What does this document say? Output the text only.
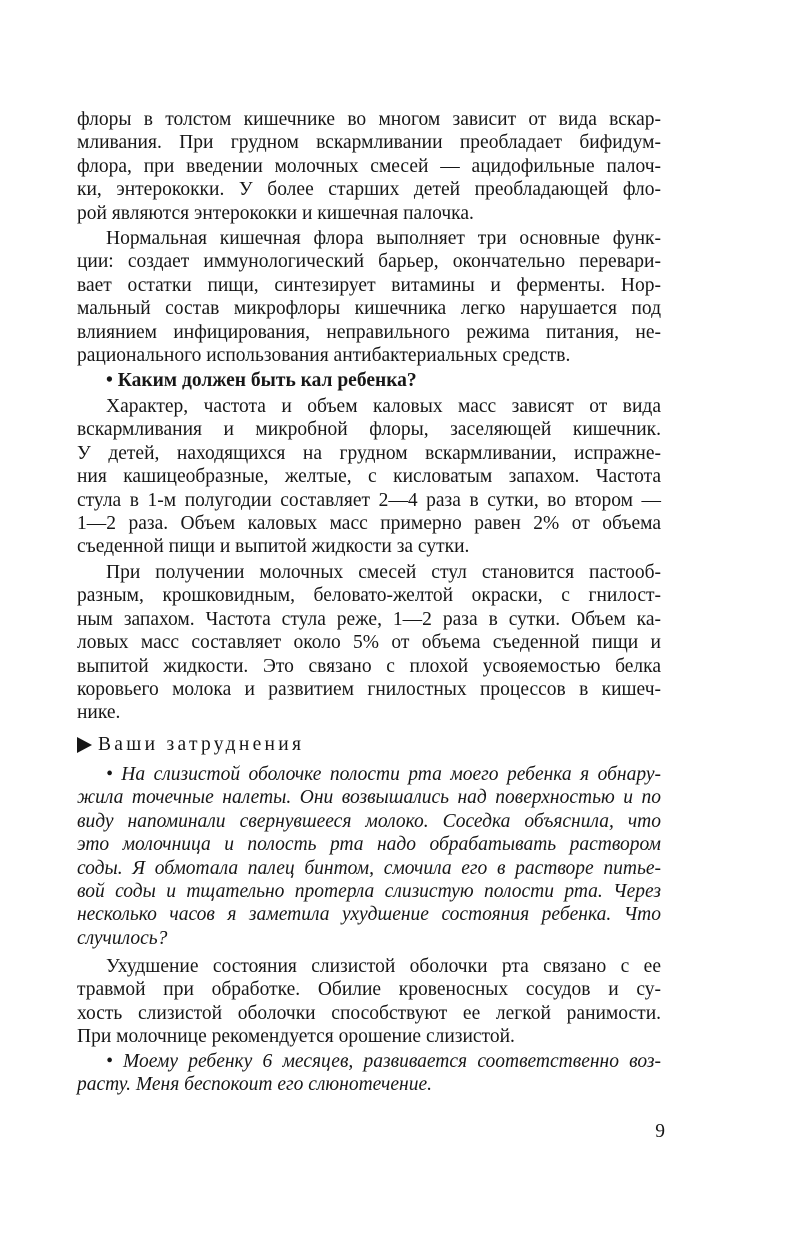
флоры в толстом кишечнике во многом зависит от вида вскар-
мливания. При грудном вскармливании преобладает бифидум-
флора, при введении молочных смесей — ацидофильные палоч-
ки, энтерококки. У более старших детей преобладающей фло-
рой являются энтерококки и кишечная палочка.
Нормальная кишечная флора выполняет три основные функ-
ции: создает иммунологический барьер, окончательно перевари-
вает остатки пищи, синтезирует витамины и ферменты. Нор-
мальный состав микрофлоры кишечника легко нарушается под
влиянием инфицирования, неправильного режима питания, не-
рационального использования антибактериальных средств.
• Каким должен быть кал ребенка?
Характер, частота и объем каловых масс зависят от вида
вскармливания и микробной флоры, заселяющей кишечник.
У детей, находящихся на грудном вскармливании, испражне-
ния кашицеобразные, желтые, с кисловатым запахом. Частота
стула в 1-м полугодии составляет 2—4 раза в сутки, во втором —
1—2 раза. Объем каловых масс примерно равен 2% от объема
съеденной пищи и выпитой жидкости за сутки.
При получении молочных смесей стул становится пастооб-
разным, крошковидным, беловато-желтой окраски, с гнилост-
ным запахом. Частота стула реже, 1—2 раза в сутки. Объем ка-
ловых масс составляет около 5% от объема съеденной пищи и
выпитой жидкости. Это связано с плохой усвояемостью белка
коровьего молока и развитием гнилостных процессов в кишеч-
нике.
Ваши затруднения
• На слизистой оболочке полости рта моего ребенка я обнару-
жила точечные налеты. Они возвышались над поверхностью и по
виду напоминали свернувшееся молоко. Соседка объяснила, что
это молочница и полость рта надо обрабатывать раствором
соды. Я обмотала палец бинтом, смочила его в растворе питье-
вой соды и тщательно протерла слизистую полости рта. Через
несколько часов я заметила ухудшение состояния ребенка. Что
случилось?
Ухудшение состояния слизистой оболочки рта связано с ее
травмой при обработке. Обилие кровеносных сосудов и су-
хость слизистой оболочки способствуют ее легкой ранимости.
При молочнице рекомендуется орошение слизистой.
• Моему ребенку 6 месяцев, развивается соответственно воз-
расту. Меня беспокоит его слюнотечение.
9
